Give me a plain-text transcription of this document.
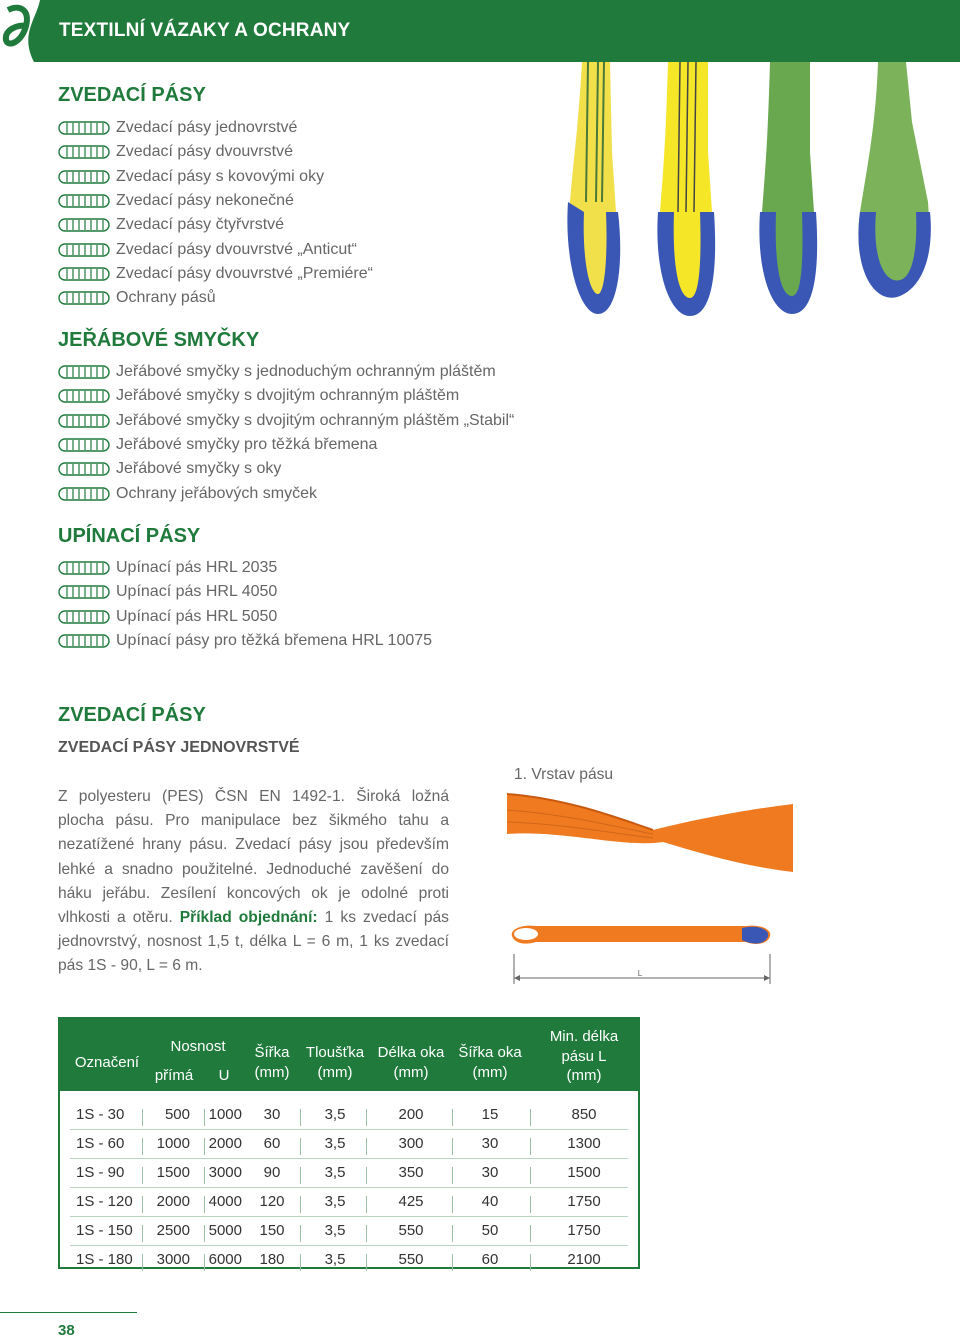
TEXTILNÍ VÁZAKY A OCHRANY
ZVEDACÍ PÁSY
Zvedací pásy jednovrstvé
Zvedací pásy dvouvrstvé
Zvedací pásy s kovovými oky
Zvedací pásy nekonečné
Zvedací pásy čtyřvrstvé
Zvedací pásy dvouvrstvé „Anticut“
Zvedací pásy dvouvrstvé „Premiére“
Ochrany pásů
JEŘÁBOVÉ SMYČKY
Jeřábové smyčky s jednoduchým ochranným pláštěm
Jeřábové smyčky s dvojitým ochranným pláštěm
Jeřábové smyčky s dvojitým ochranným pláštěm „Stabil“
Jeřábové smyčky pro těžká břemena
Jeřábové smyčky s oky
Ochrany jeřábových smyček
UPÍNACÍ PÁSY
Upínací pás HRL 2035
Upínací pás HRL 4050
Upínací pás HRL 5050
Upínací pásy pro těžká břemena HRL 10075
ZVEDACÍ PÁSY
ZVEDACÍ PÁSY JEDNOVRSTVÉ
Z polyesteru (PES) ČSN EN 1492-1. Široká ložná plocha pásu. Pro manipulace bez šikmého tahu a nezatížené hrany pásu. Zvedací pásy jsou především lehké a snadno použitelné. Jednoduché zavěšení do háku jeřábu. Zesílení koncových ok je odolné proti vlhkosti a otěru. Příklad objednání: 1 ks zvedací pás jednovrstvý, nosnost 1,5 t, délka L = 6 m, 1 ks zvedací pás 1S - 90, L = 6 m.
1. Vrstav pásu
L
Označení
Nosnost
přímá	U
Šířka
(mm)
Tloušťka
(mm)
Délka oka
(mm)
Šířka oka
(mm)
Min. délka
pásu L
(mm)
1S - 30	500	1000	30	3,5	200	15	850
1S - 60	1000	2000	60	3,5	300	30	1300
1S - 90	1500	3000	90	3,5	350	30	1500
1S - 120	2000	4000	120	3,5	425	40	1750
1S - 150	2500	5000	150	3,5	550	50	1750
1S - 180	3000	6000	180	3,5	550	60	2100
38
